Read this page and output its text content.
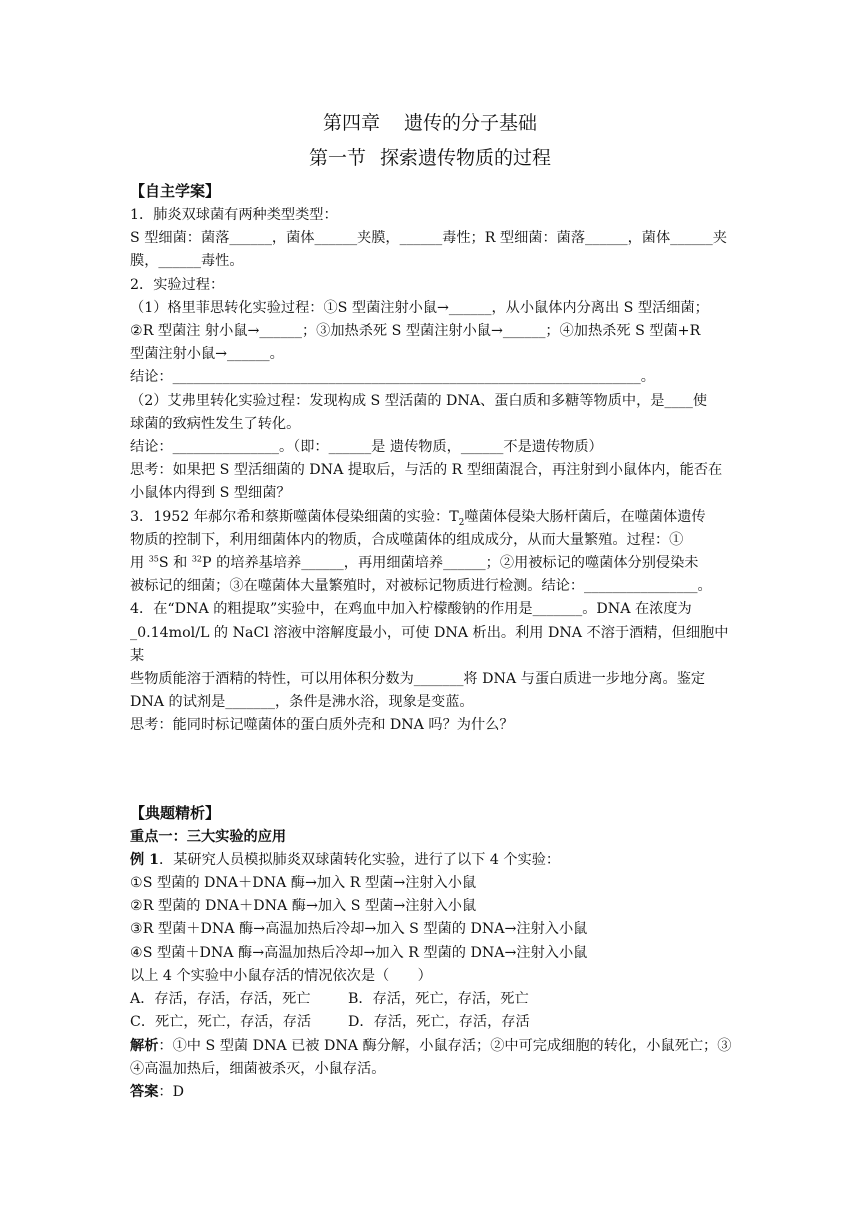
第四章 遗传的分子基础
第一节 探索遗传物质的过程

【自主学案】

1．肺炎双球菌有两种类型类型：

S 型细菌：菌落______，菌体______夹膜，______毒性；R 型细菌：菌落______，菌体______夹

膜，______毒性。

2．实验过程：

（1）格里菲思转化实验过程：①S 型菌注射小鼠→______，从小鼠体内分离出 S 型活细菌；

②R 型菌注 射小鼠→______；③加热杀死 S 型菌注射小鼠→______；④加热杀死 S 型菌+R

型菌注射小鼠→______。

结论：__________________________________________________________________。

（2）艾弗里转化实验过程：发现构成 S 型活菌的 DNA、蛋白质和多糖等物质中，是____使

球菌的致病性发生了转化。

结论：_______________。（即：______是 遗传物质，______不是遗传物质）

思考：如果把 S 型活细菌的 DNA 提取后，与活的 R 型细菌混合，再注射到小鼠体内，能否在

小鼠体内得到 S 型细菌？

3．1952 年郝尔希和蔡斯噬菌体侵染细菌的实验：$T_2$噬菌体侵染大肠杆菌后，在噬菌体遗传

物质的控制下，利用细菌体内的物质，合成噬菌体的组成成分，从而大量繁殖。过程：①

用 $^{35}$S 和 $^{32}$P 的培养基培养______，再用细菌培养______；②用被标记的噬菌体分别侵染未

被标记的细菌；③在噬菌体大量繁殖时，对被标记物质进行检测。结论：________________。

4．在“DNA 的粗提取”实验中，在鸡血中加入柠檬酸钠的作用是_______。DNA 在浓度为

_0.14mol/L 的 NaCl 溶液中溶解度最小，可使 DNA 析出。利用 DNA 不溶于酒精，但细胞中某

些物质能溶于酒精的特性，可以用体积分数为_______将 DNA 与蛋白质进一步地分离。鉴定

DNA 的试剂是_______，条件是沸水浴，现象是变蓝。

思考：能同时标记噬菌体的蛋白质外壳和 DNA 吗？为什么？

【典题精析】

重点一：三大实验的应用

例 1．某研究人员模拟肺炎双球菌转化实验，进行了以下 4 个实验：

①S 型菌的 DNA＋DNA 酶→加入 R 型菌→注射入小鼠

②R 型菌的 DNA＋DNA 酶→加入 S 型菌→注射入小鼠

③R 型菌＋DNA 酶→高温加热后冷却→加入 S 型菌的 DNA→注射入小鼠

④S 型菌＋DNA 酶→高温加热后冷却→加入 R 型菌的 DNA→注射入小鼠

以上 4 个实验中小鼠存活的情况依次是（　　）

A．存活，存活，存活，死亡	B．存活，死亡，存活，死亡

C．死亡，死亡，存活，存活	D．存活，死亡，存活，存活

解析：①中 S 型菌 DNA 已被 DNA 酶分解，小鼠存活；②中可完成细胞的转化，小鼠死亡；③

④高温加热后，细菌被杀灭，小鼠存活。

答案：D
